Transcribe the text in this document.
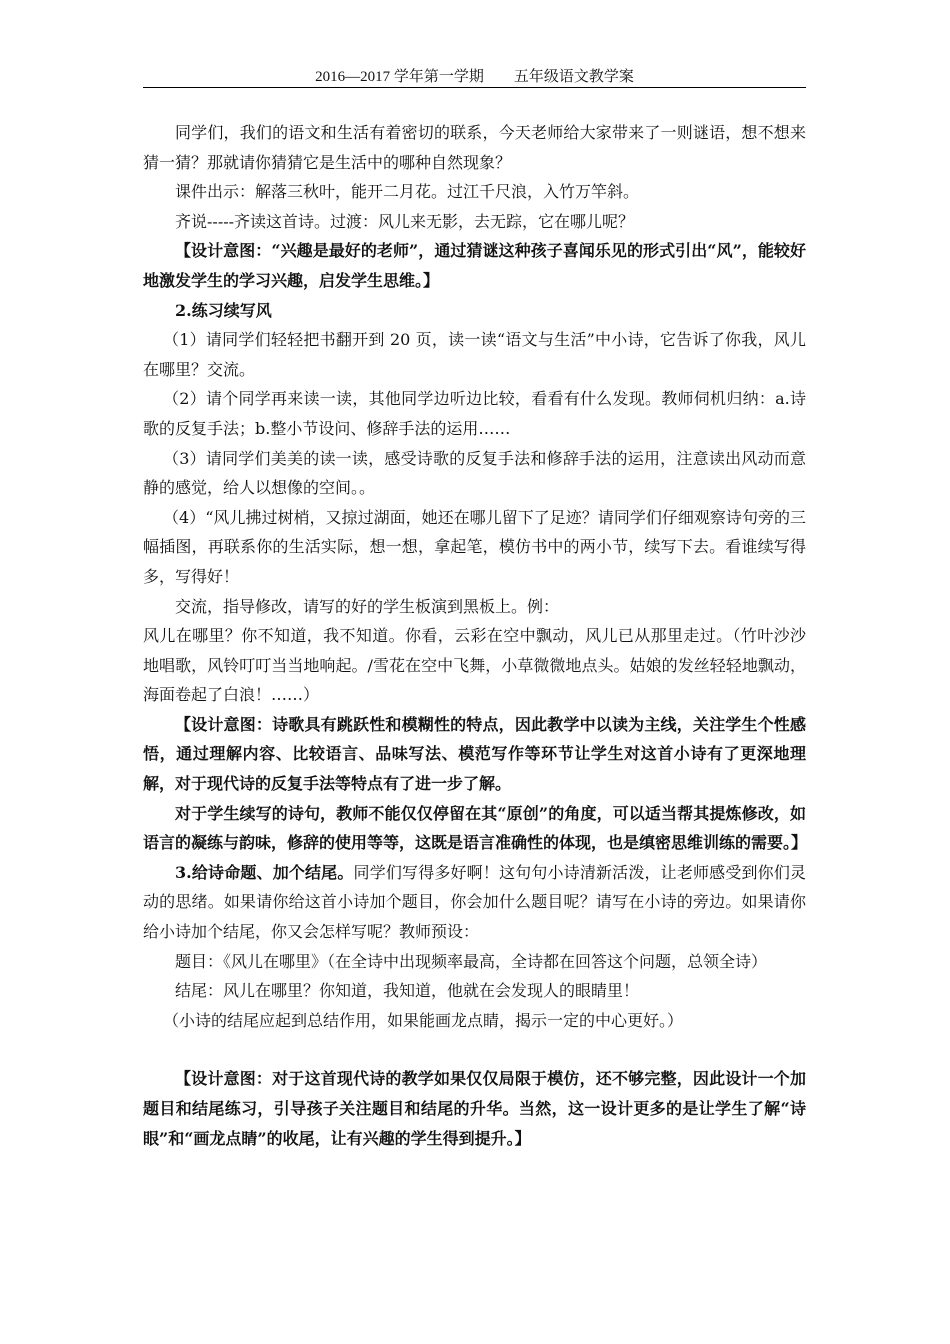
2016—2017 学年第一学期 五年级语文教学案

同学们，我们的语文和生活有着密切的联系，今天老师给大家带来了一则谜语，想不想来猜一猜？那就请你猜猜它是生活中的哪种自然现象？

课件出示：解落三秋叶，能开二月花。过江千尺浪，入竹万竿斜。

齐说-----齐读这首诗。过渡：风儿来无影，去无踪，它在哪儿呢？

【设计意图：“兴趣是最好的老师”，通过猜谜这种孩子喜闻乐见的形式引出“风”，能较好地激发学生的学习兴趣，启发学生思维。】

2.练习续写风

（1）请同学们轻轻把书翻开到 20 页，读一读“语文与生活”中小诗，它告诉了你我，风儿在哪里？交流。

（2）请个同学再来读一读，其他同学边听边比较，看看有什么发现。教师伺机归纳：a.诗歌的反复手法；b.整小节设问、修辞手法的运用……

（3）请同学们美美的读一读，感受诗歌的反复手法和修辞手法的运用，注意读出风动而意静的感觉，给人以想像的空间。。

（4）“风儿拂过树梢，又掠过湖面，她还在哪儿留下了足迹？请同学们仔细观察诗句旁的三幅插图，再联系你的生活实际，想一想，拿起笔，模仿书中的两小节，续写下去。看谁续写得多，写得好！

交流，指导修改，请写的好的学生板演到黑板上。例：

风儿在哪里？你不知道，我不知道。你看，云彩在空中飘动，风儿已从那里走过。（竹叶沙沙地唱歌，风铃叮叮当当地响起。/雪花在空中飞舞，小草微微地点头。姑娘的发丝轻轻地飘动，海面卷起了白浪！……）

【设计意图：诗歌具有跳跃性和模糊性的特点，因此教学中以读为主线，关注学生个性感悟，通过理解内容、比较语言、品味写法、模范写作等环节让学生对这首小诗有了更深地理解，对于现代诗的反复手法等特点有了进一步了解。

对于学生续写的诗句，教师不能仅仅停留在其“原创”的角度，可以适当帮其提炼修改，如语言的凝练与韵味，修辞的使用等等，这既是语言准确性的体现，也是缜密思维训练的需要。】

3.给诗命题、加个结尾。同学们写得多好啊！这句句小诗清新活泼，让老师感受到你们灵动的思绪。如果请你给这首小诗加个题目，你会加什么题目呢？请写在小诗的旁边。如果请你给小诗加个结尾，你又会怎样写呢？教师预设：

题目：《风儿在哪里》（在全诗中出现频率最高，全诗都在回答这个问题，总领全诗）

结尾：风儿在哪里？你知道，我知道，他就在会发现人的眼睛里！

（小诗的结尾应起到总结作用，如果能画龙点睛，揭示一定的中心更好。）

【设计意图：对于这首现代诗的教学如果仅仅局限于模仿，还不够完整，因此设计一个加题目和结尾练习，引导孩子关注题目和结尾的升华。当然，这一设计更多的是让学生了解“诗眼”和“画龙点睛”的收尾，让有兴趣的学生得到提升。】
